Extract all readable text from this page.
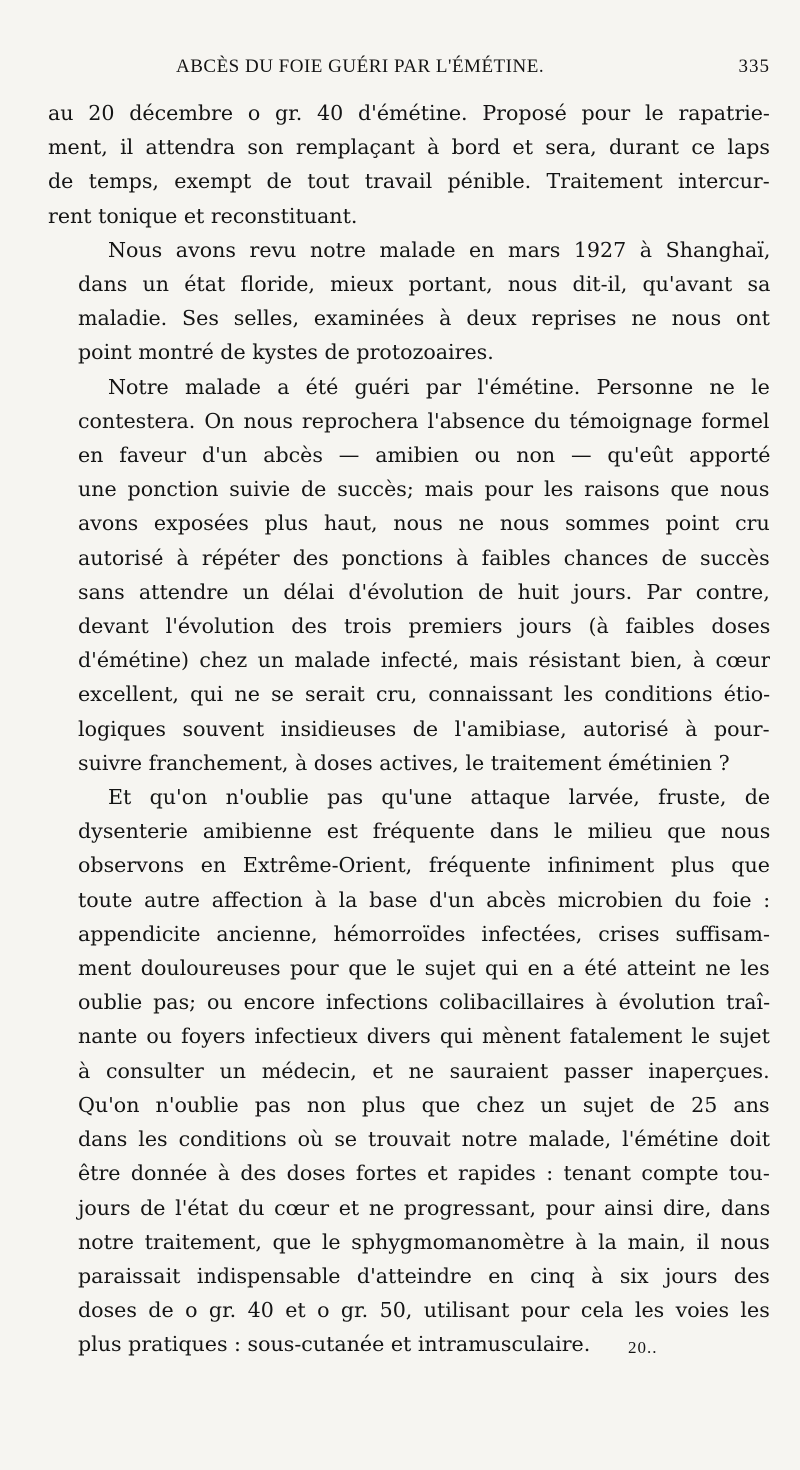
ABCÈS DU FOIE GUÉRI PAR L'ÉMÉTINE.	335
au 20 décembre o gr. 40 d'émétine. Proposé pour le rapatrie-
ment, il attendra son remplaçant à bord et sera, durant ce laps
de temps, exempt de tout travail pénible. Traitement intercur-
rent tonique et reconstituant.
Nous avons revu notre malade en mars 1927 à Shanghaï,
dans un état floride, mieux portant, nous dit-il, qu'avant sa
maladie. Ses selles, examinées à deux reprises ne nous ont
point montré de kystes de protozoaires.
Notre malade a été guéri par l'émétine. Personne ne le
contestera. On nous reprochera l'absence du témoignage formel
en faveur d'un abcès — amibien ou non — qu'eût apporté
une ponction suivie de succès; mais pour les raisons que nous
avons exposées plus haut, nous ne nous sommes point cru
autorisé à répéter des ponctions à faibles chances de succès
sans attendre un délai d'évolution de huit jours. Par contre,
devant l'évolution des trois premiers jours (à faibles doses
d'émétine) chez un malade infecté, mais résistant bien, à cœur
excellent, qui ne se serait cru, connaissant les conditions étio-
logiques souvent insidieuses de l'amibiase, autorisé à pour-
suivre franchement, à doses actives, le traitement émétinien ?
Et qu'on n'oublie pas qu'une attaque larvée, fruste, de
dysenterie amibienne est fréquente dans le milieu que nous
observons en Extrême-Orient, fréquente infiniment plus que
toute autre affection à la base d'un abcès microbien du foie :
appendicite ancienne, hémorroïdes infectées, crises suffisam-
ment douloureuses pour que le sujet qui en a été atteint ne les
oublie pas; ou encore infections colibacillaires à évolution traî-
nante ou foyers infectieux divers qui mènent fatalement le sujet
à consulter un médecin, et ne sauraient passer inaperçues.
Qu'on n'oublie pas non plus que chez un sujet de 25 ans
dans les conditions où se trouvait notre malade, l'émétine doit
être donnée à des doses fortes et rapides : tenant compte tou-
jours de l'état du cœur et ne progressant, pour ainsi dire, dans
notre traitement, que le sphygmomanomètre à la main, il nous
paraissait indispensable d'atteindre en cinq à six jours des
doses de o gr. 40 et o gr. 50, utilisant pour cela les voies les
plus pratiques : sous-cutanée et intramusculaire.	20..
